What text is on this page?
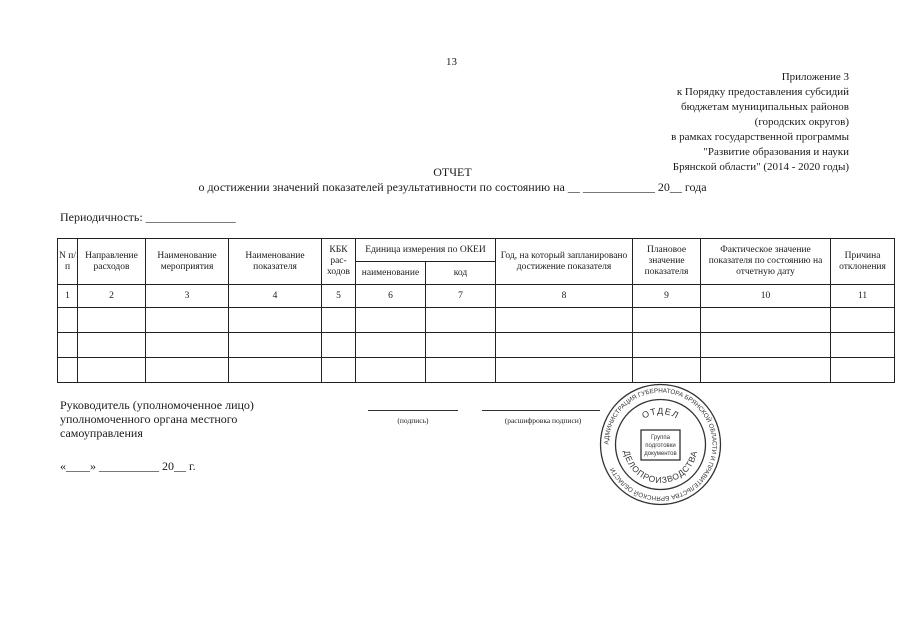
13
Приложение 3
к Порядку предоставления субсидий
бюджетам муниципальных районов
(городских округов)
в рамках государственной программы
"Развитие образования и науки
Брянской области" (2014 - 2020 годы)
ОТЧЕТ
о достижении значений показателей результативности по состоянию на __ ____________ 20__ года
Периодичность: _______________
N п/п	Направление расходов	Наименование мероприятия	Наименование показателя	КБК рас- ходов	Единица измерения по ОКЕИ		Год, на который запланировано достижение показателя	Плановое значение показателя	Фактическое значение показателя по состоянию на отчетную дату	Причина отклонения
					наименование	код				
1	2	3	4	5	6	7	8	9	10	11

Руководитель (уполномоченное лицо)
уполномоченного органа местного
самоуправления
(подпись)	(расшифровка подписи)
«____» __________ 20__ г.
АДМИНИСТРАЦИЯ ГУБЕРНАТОРА БРЯНСКОЙ ОБЛАСТИ И ПРАВИТЕЛЬСТВА БРЯНСКОЙ ОБЛАСТИ
ОТДЕЛ
ДЕЛОПРОИЗВОДСТВА
Группа
подготовки
документов
